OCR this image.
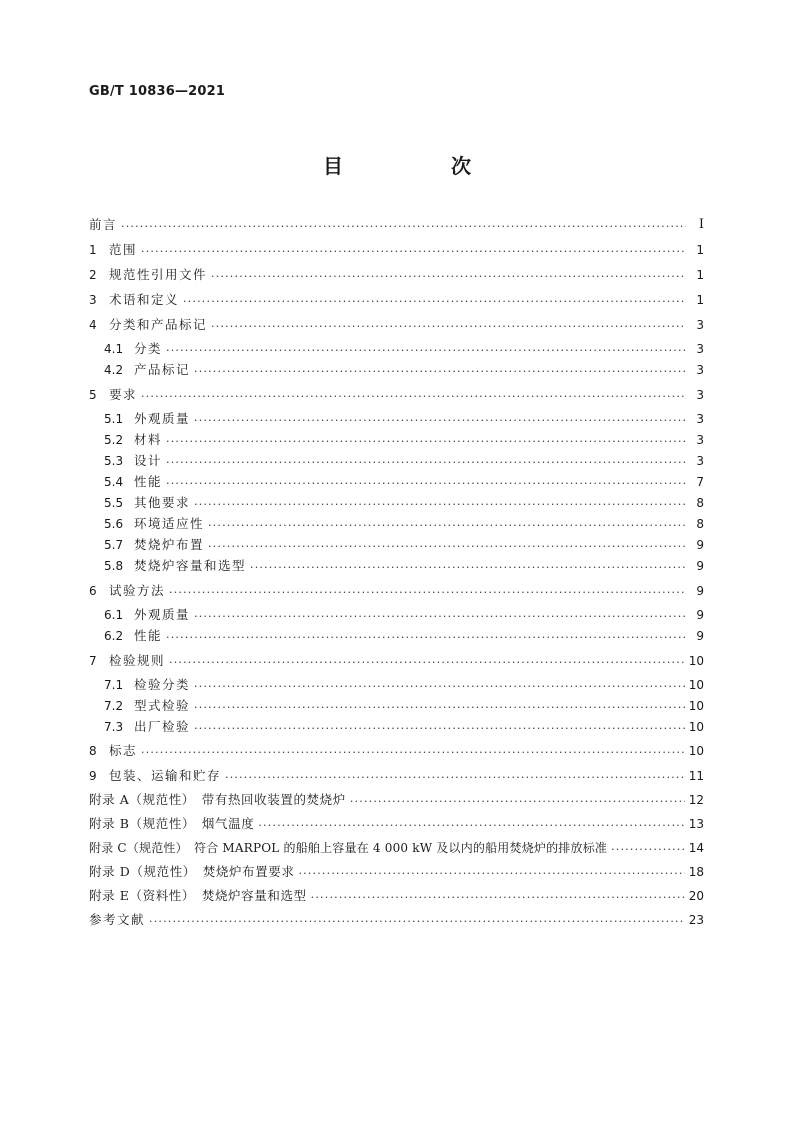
GB/T 10836—2021
目　次
前言 ·····	I
1 范围 ·····	1
2 规范性引用文件 ·····	1
3 术语和定义 ·····	1
4 分类和产品标记 ·····	3
4.1 分类 ·····	3
4.2 产品标记 ·····	3
5 要求 ·····	3
5.1 外观质量 ·····	3
5.2 材料 ·····	3
5.3 设计 ·····	3
5.4 性能 ·····	7
5.5 其他要求 ·····	8
5.6 环境适应性 ·····	8
5.7 焚烧炉布置 ·····	9
5.8 焚烧炉容量和选型 ·····	9
6 试验方法 ·····	9
6.1 外观质量 ·····	9
6.2 性能 ·····	9
7 检验规则 ·····	10
7.1 检验分类 ·····	10
7.2 型式检验 ·····	10
7.3 出厂检验 ·····	10
8 标志 ·····	10
9 包装、运输和贮存 ·····	11
附录 A（规范性）　带有热回收装置的焚烧炉 ·····	12
附录 B（规范性）　烟气温度 ·····	13
附录 C（规范性）　符合 MARPOL 的船舶上容量在 4 000 kW 及以内的船用焚烧炉的排放标准 ·····	14
附录 D（规范性）　焚烧炉布置要求 ·····	18
附录 E（资料性）　焚烧炉容量和选型 ·····	20
参考文献 ·····	23
